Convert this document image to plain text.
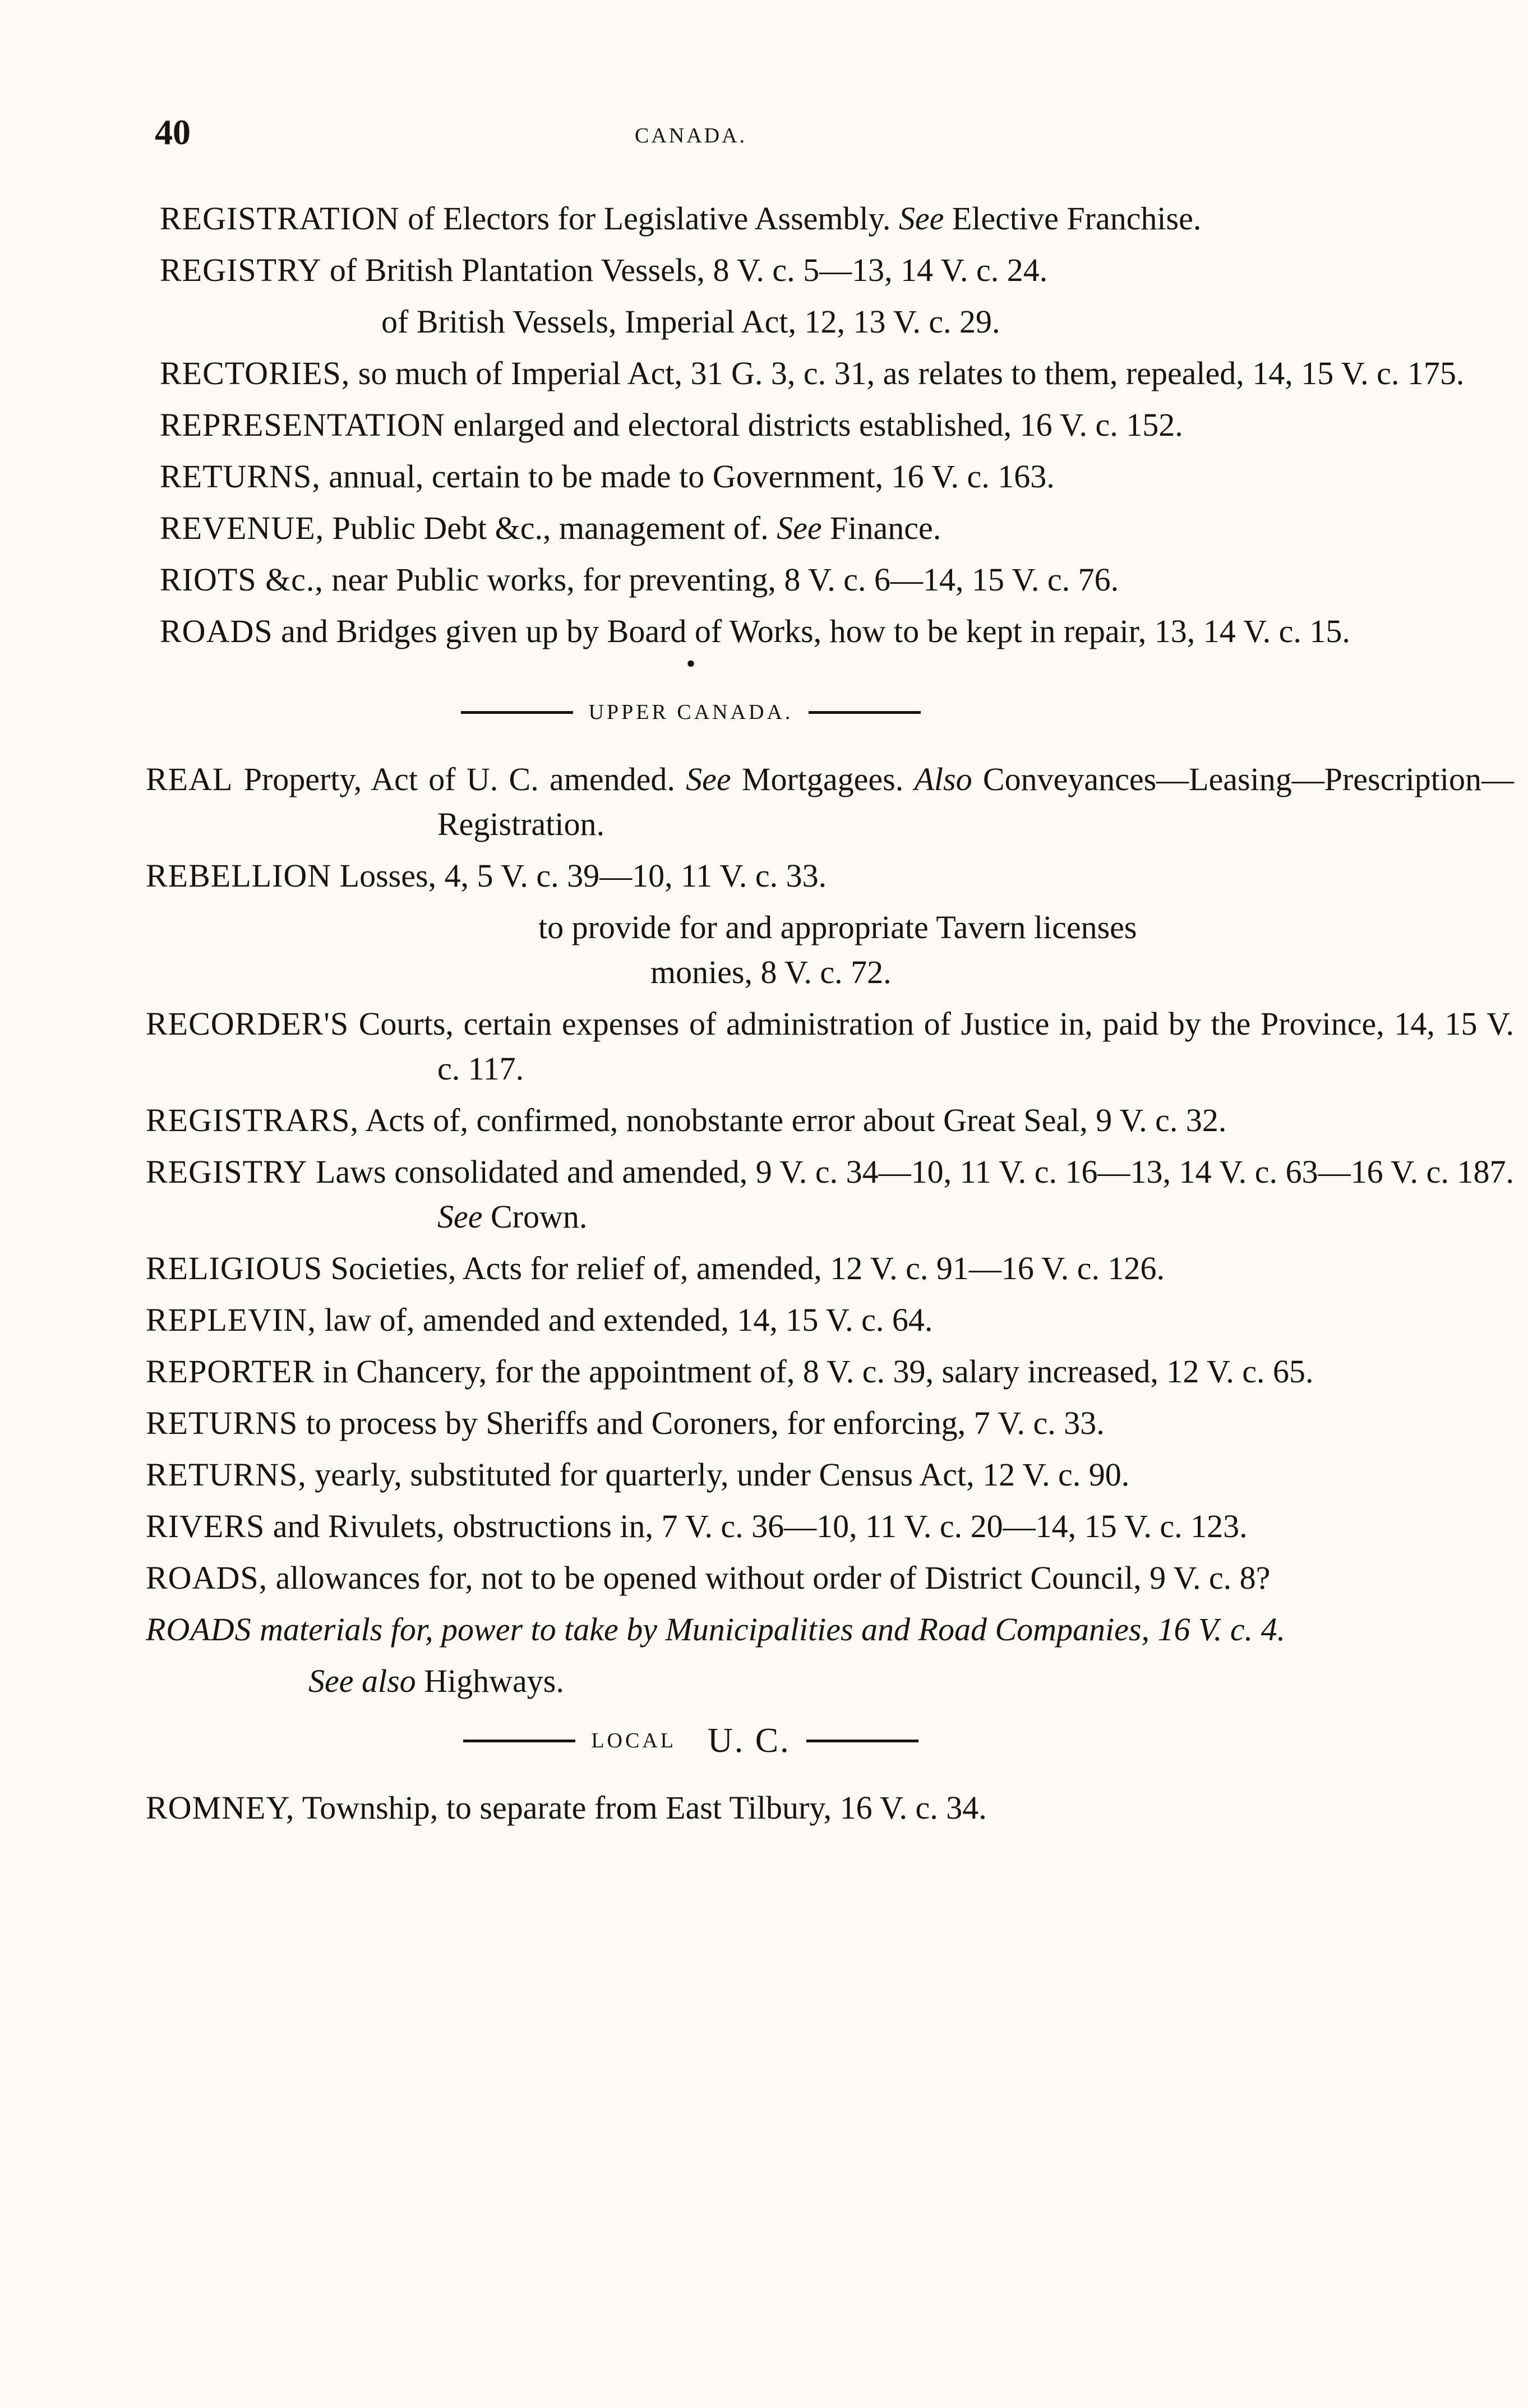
40	CANADA.
REGISTRATION of Electors for Legislative Assembly. See Elective Franchise.
REGISTRY of British Plantation Vessels, 8 V. c. 5—13, 14 V. c. 24.
of British Vessels, Imperial Act, 12, 13 V. c. 29.
RECTORIES, so much of Imperial Act, 31 G. 3, c. 31, as relates to them, repealed, 14, 15 V. c. 175.
REPRESENTATION enlarged and electoral districts established, 16 V. c. 152.
RETURNS, annual, certain to be made to Government, 16 V. c. 163.
REVENUE, Public Debt &c., management of. See Finance.
RIOTS &c., near Public works, for preventing, 8 V. c. 6—14, 15 V. c. 76.
ROADS and Bridges given up by Board of Works, how to be kept in repair, 13, 14 V. c. 15.
•
UPPER CANADA.
REAL Property, Act of U. C. amended. See Mortgagees. Also Conveyances—Leasing—Prescription—Registration.
REBELLION Losses, 4, 5 V. c. 39—10, 11 V. c. 33.
to provide for and appropriate Tavern licenses
monies, 8 V. c. 72.
RECORDER'S Courts, certain expenses of administration of Justice in, paid by the Province, 14, 15 V. c. 117.
REGISTRARS, Acts of, confirmed, nonobstante error about Great Seal, 9 V. c. 32.
REGISTRY Laws consolidated and amended, 9 V. c. 34—10, 11 V. c. 16—13, 14 V. c. 63—16 V. c. 187. See Crown.
RELIGIOUS Societies, Acts for relief of, amended, 12 V. c. 91—16 V. c. 126.
REPLEVIN, law of, amended and extended, 14, 15 V. c. 64.
REPORTER in Chancery, for the appointment of, 8 V. c. 39, salary increased, 12 V. c. 65.
RETURNS to process by Sheriffs and Coroners, for enforcing, 7 V. c. 33.
RETURNS, yearly, substituted for quarterly, under Census Act, 12 V. c. 90.
RIVERS and Rivulets, obstructions in, 7 V. c. 36—10, 11 V. c. 20—14, 15 V. c. 123.
ROADS, allowances for, not to be opened without order of District Council, 9 V. c. 8?
ROADS materials for, power to take by Municipalities and Road Companies, 16 V. c. 4.
See also Highways.
LOCAL U. C.
ROMNEY, Township, to separate from East Tilbury, 16 V. c. 34.
